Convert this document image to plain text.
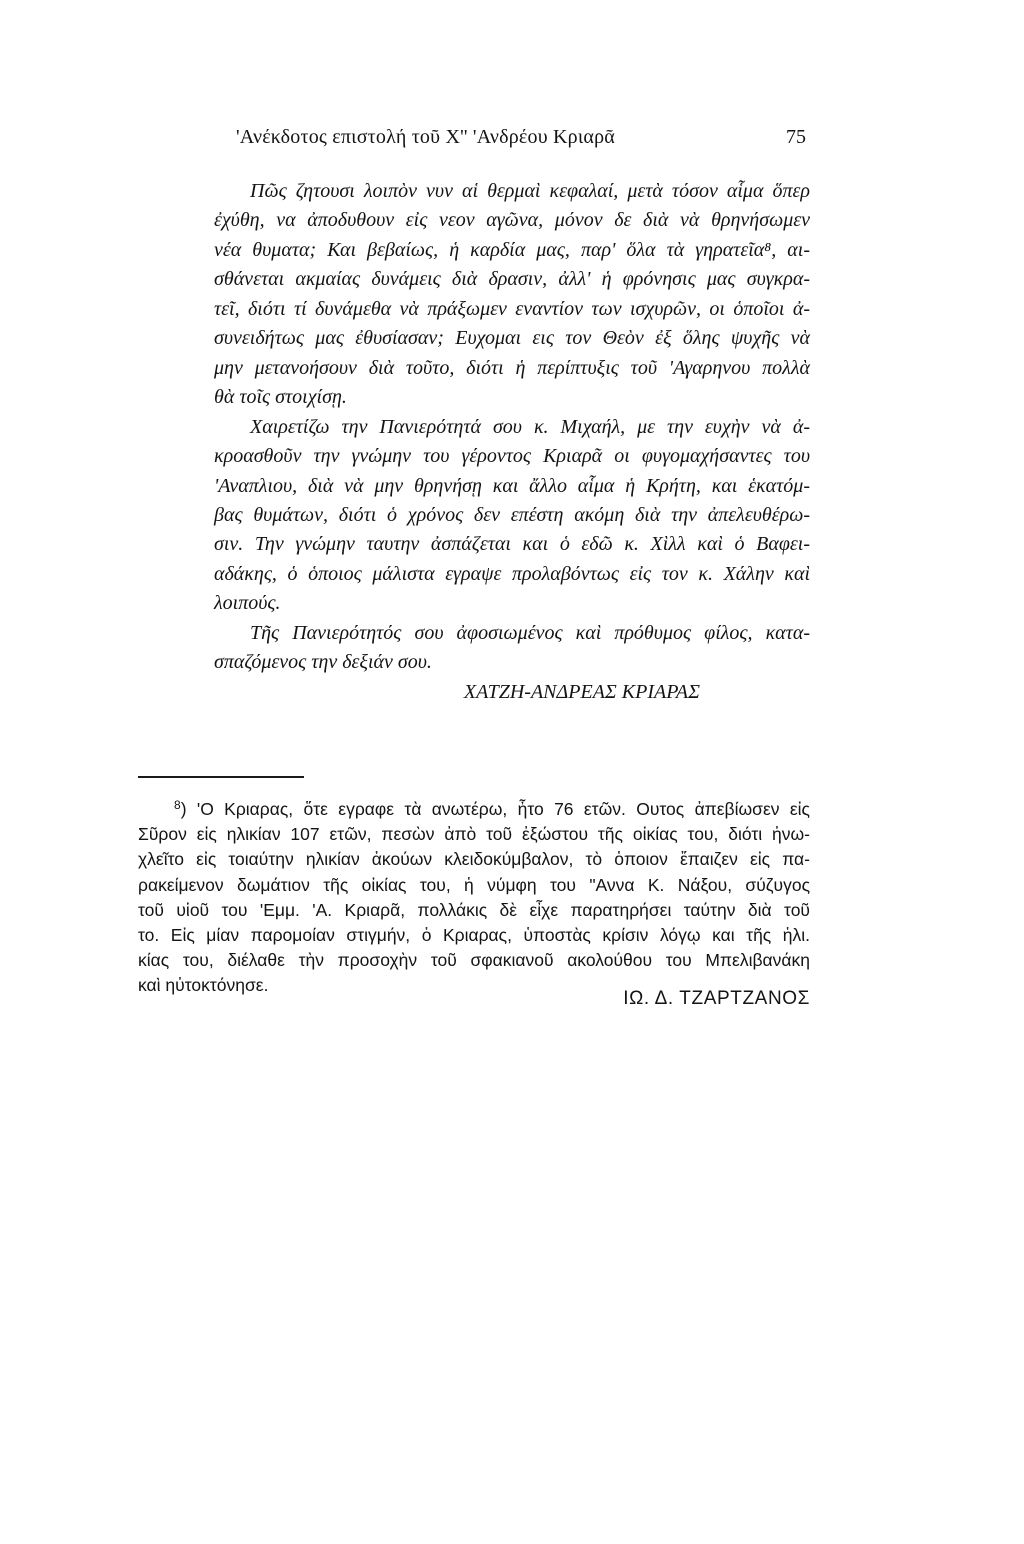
'Ανέκδοτος επιστολή τοῦ Χ'' 'Ανδρέου Κριαρᾶ	75
Πῶς ζητουσι λοιπὸν νυν αἱ θερμαὶ κεφαλαί, μετὰ τόσον αἷμα ὅπερ
ἐχύθη, να ἀποδυθουν εἰς νεον αγῶνα, μόνον δε διὰ νὰ θρηνήσωμεν
νέα θυματα; Και βεβαίως, ἡ καρδία μας, παρ' ὅλα τὰ γηρατεῖα⁸, αι-
σθάνεται ακμαίας δυνάμεις διὰ δρασιν, ἀλλ' ἡ φρόνησις μας συγκρα-
τεῖ, διότι τί δυνάμεθα νὰ πράξωμεν εναντίον των ισχυρῶν, οι ὁποῖοι ἀ-
συνειδήτως μας ἐθυσίασαν; Ευχομαι εις τον Θεὸν ἐξ ὅλης ψυχῆς νὰ
μην μετανοήσουν διὰ τοῦτο, διότι ἡ περίπτυξις τοῦ 'Αγαρηνου πολλὰ
θὰ τοῖς στοιχίσῃ.
Χαιρετίζω την Πανιερότητά σου κ. Μιχαήλ, με την ευχὴν νὰ ἀ-
κροασθοῦν την γνώμην του γέροντος Κριαρᾶ οι φυγομαχήσαντες του
'Αναπλιου, διὰ νὰ μην θρηνήσῃ και ἄλλο αἷμα ἡ Κρήτη, και ἑκατόμ-
βας θυμάτων, διότι ὁ χρόνος δεν επέστη ακόμη διὰ την ἀπελευθέρω-
σιν. Την γνώμην ταυτην ἀσπάζεται και ὁ εδῶ κ. Χὶλλ καὶ ὁ Βαφει-
αδάκης, ὁ ὁποιος μάλιστα εγραψε προλαβόντως εἰς τον κ. Χάλην καὶ
λοιπούς.
Τῆς Πανιερότητός σου ἀφοσιωμένος καὶ πρόθυμος φίλος, κατα-
σπαζόμενος την δεξιάν σου.
ΧΑΤΖΗ-ΑΝΔΡΕΑΣ ΚΡΙΑΡΑΣ
$^8$) 'Ο Κριαρας, ὅτε εγραφε τὰ ανωτέρω, ἦτο 76 ετῶν. Ουτος ἀπεβίωσεν εἰς
Σῦρον εἰς ηλικίαν 107 ετῶν, πεσὼν ἀπὸ τοῦ ἐξώστου τῆς οἰκίας του, διότι ἠνω-
χλεῖτο εἰς τοιαύτην ηλικίαν ἀκούων κλειδοκύμβαλον, τὸ ὁποιον ἔπαιζεν εἰς πα-
ρακείμενον δωμάτιον τῆς οἰκίας του, ἡ νύμφη του "Αννα Κ. Νάξου, σύζυγος
τοῦ υἱοῦ του 'Εμμ. 'Α. Κριαρᾶ, πολλάκις δὲ εἶχε παρατηρήσει ταύτην διὰ τοῦ
το. Εἰς μίαν παρομοίαν στιγμήν, ὁ Κριαρας, ὑποστὰς κρίσιν λόγῳ και τῆς ἡλι.
κίας του, διέλαθε τὴν προσοχὴν τοῦ σφακιανοῦ ακολούθου του Μπελιβανάκη
καὶ ηὐτοκτόνησε.
ΙΩ. Δ. ΤΖΑΡΤΖΑΝΟΣ
